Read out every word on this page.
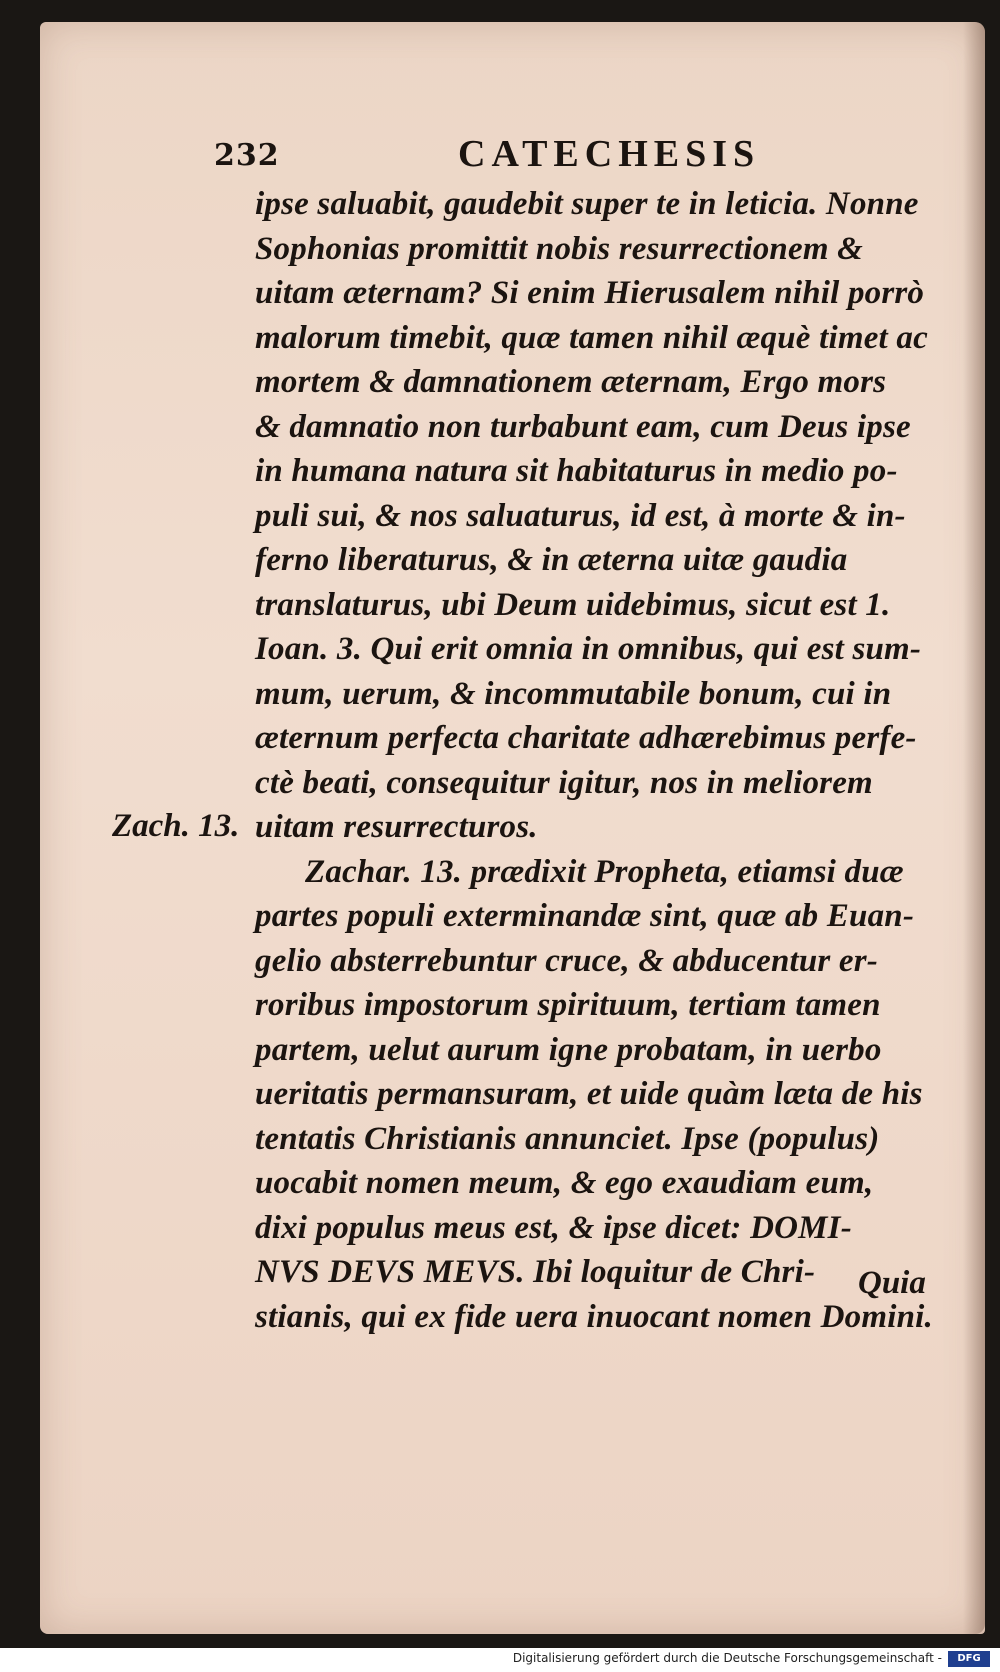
232	CATECHESIS
ipse saluabit, gaudebit super te in leticia. Nonne
Sophonias promittit nobis resurrectionem &
uitam æternam? Si enim Hierusalem nihil porrò
malorum timebit, quæ tamen nihil æquè timet ac
mortem & damnationem æternam, Ergo mors
& damnatio non turbabunt eam, cum Deus ipse
in humana natura sit habitaturus in medio po-
puli sui, & nos saluaturus, id est, à morte & in-
ferno liberaturus, & in æterna uitæ gaudia
translaturus, ubi Deum uidebimus, sicut est 1.
Ioan. 3. Qui erit omnia in omnibus, qui est sum-
mum, uerum, & incommutabile bonum, cui in
æternum perfecta charitate adhærebimus perfe-
ctè beati, consequitur igitur, nos in meliorem
uitam resurrecturos.
Zachar. 13. prædixit Propheta, etiamsi duæ
partes populi exterminandæ sint, quæ ab Euan-
gelio absterrebuntur cruce, & abducentur er-
roribus impostorum spirituum, tertiam tamen
partem, uelut aurum igne probatam, in uerbo
ueritatis permansuram, et uide quàm læta de his
tentatis Christianis annunciet. Ipse (populus)
uocabit nomen meum, & ego exaudiam eum,
dixi populus meus est, & ipse dicet: DOMI-
NVS DEVS MEVS. Ibi loquitur de Chri-
stianis, qui ex fide uera inuocant nomen Domini.
Zach. 13.
Quia
Digitalisierung gefördert durch die Deutsche Forschungsgemeinschaft -	DFG
